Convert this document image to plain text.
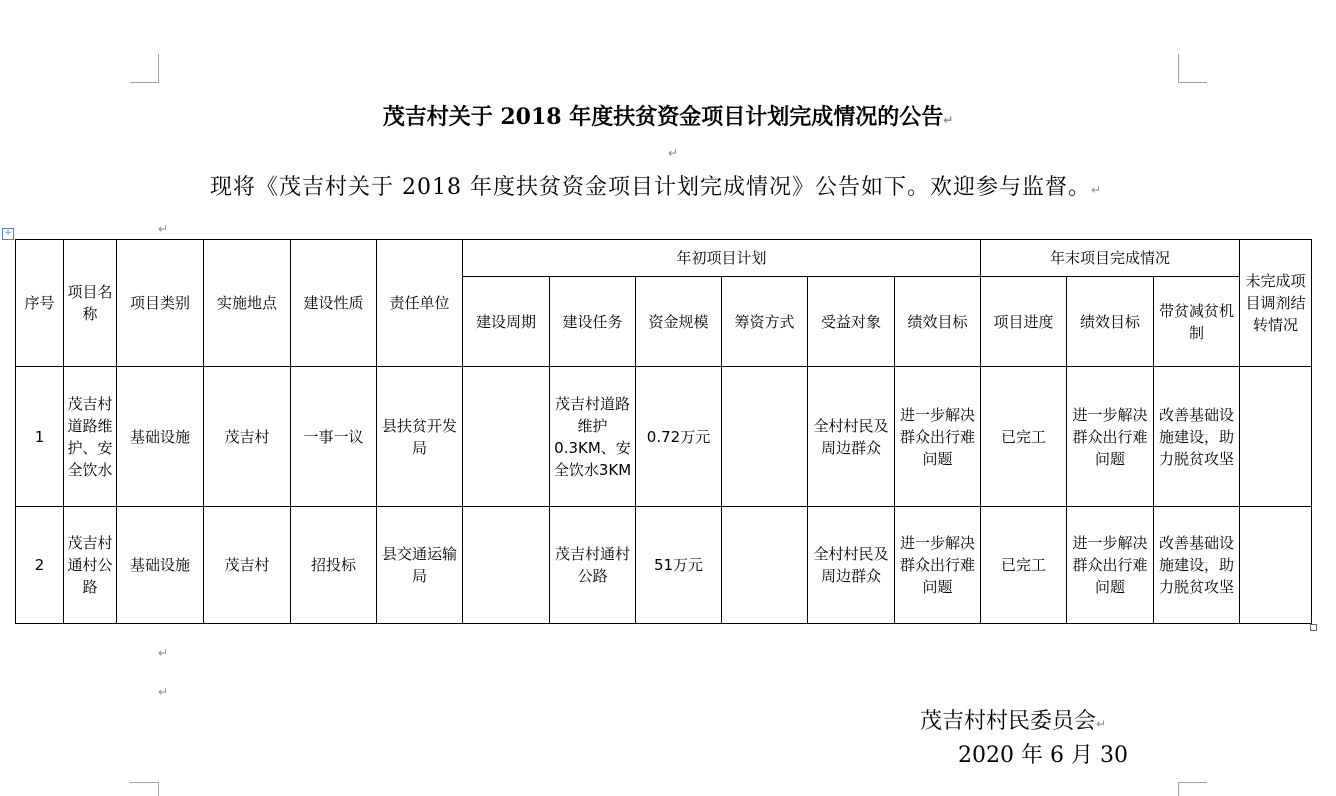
茂吉村关于 2018 年度扶贫资金项目计划完成情况的公告↵
↵
现将《茂吉村关于 2018 年度扶贫资金项目计划完成情况》公告如下。欢迎参与监督。↵
↵
+
序号	项目名称	项目类别	实施地点	建设性质	责任单位	年初项目计划						年末项目完成情况			未完成项目调剂结转情况
						建设周期	建设任务	资金规模	筹资方式	受益对象	绩效目标	项目进度	绩效目标	带贫减贫机制	
1	茂吉村道路维护、安全饮水	基础设施	茂吉村	一事一议	县扶贫开发局		茂吉村道路维护0.3KM、安全饮水3KM	0.72万元		全村村民及周边群众	进一步解决群众出行难问题	已完工	进一步解决群众出行难问题	改善基础设施建设，助力脱贫攻坚	
2	茂吉村通村公路	基础设施	茂吉村	招投标	县交通运输局		茂吉村通村公路	51万元		全村村民及周边群众	进一步解决群众出行难问题	已完工	进一步解决群众出行难问题	改善基础设施建设，助力脱贫攻坚	
↵
↵
茂吉村村民委员会↵
2020 年 6 月 30
